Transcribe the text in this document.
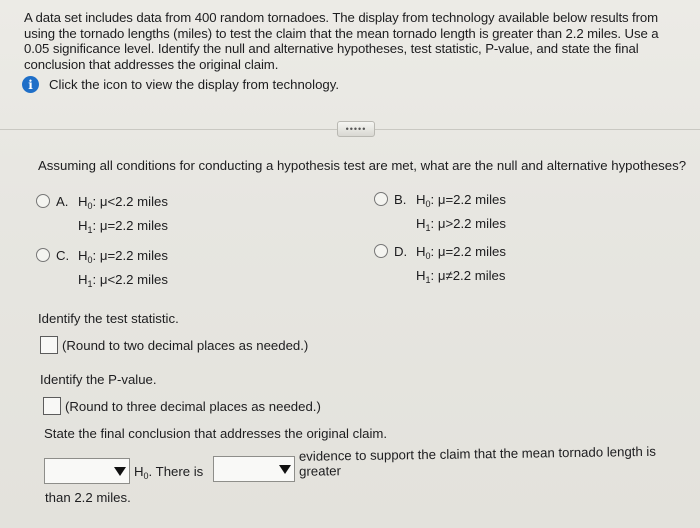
A data set includes data from 400 random tornadoes. The display from technology available below results from using the tornado lengths (miles) to test the claim that the mean tornado length is greater than 2.2 miles. Use a 0.05 significance level. Identify the null and alternative hypotheses, test statistic, P-value, and state the final conclusion that addresses the original claim.
i	Click the icon to view the display from technology.
•••••
Assuming all conditions for conducting a hypothesis test are met, what are the null and alternative hypotheses?
A. $H_0$: μ<2.2 miles
$H_1$: μ=2.2 miles
B. $H_0$: μ=2.2 miles
$H_1$: μ>2.2 miles
C. $H_0$: μ=2.2 miles
$H_1$: μ<2.2 miles
D. $H_0$: μ=2.2 miles
$H_1$: μ≠2.2 miles
Identify the test statistic.
(Round to two decimal places as needed.)
Identify the P-value.
(Round to three decimal places as needed.)
State the final conclusion that addresses the original claim.
$H_0$. There is
evidence to support the claim that the mean tornado length is greater
than 2.2 miles.
